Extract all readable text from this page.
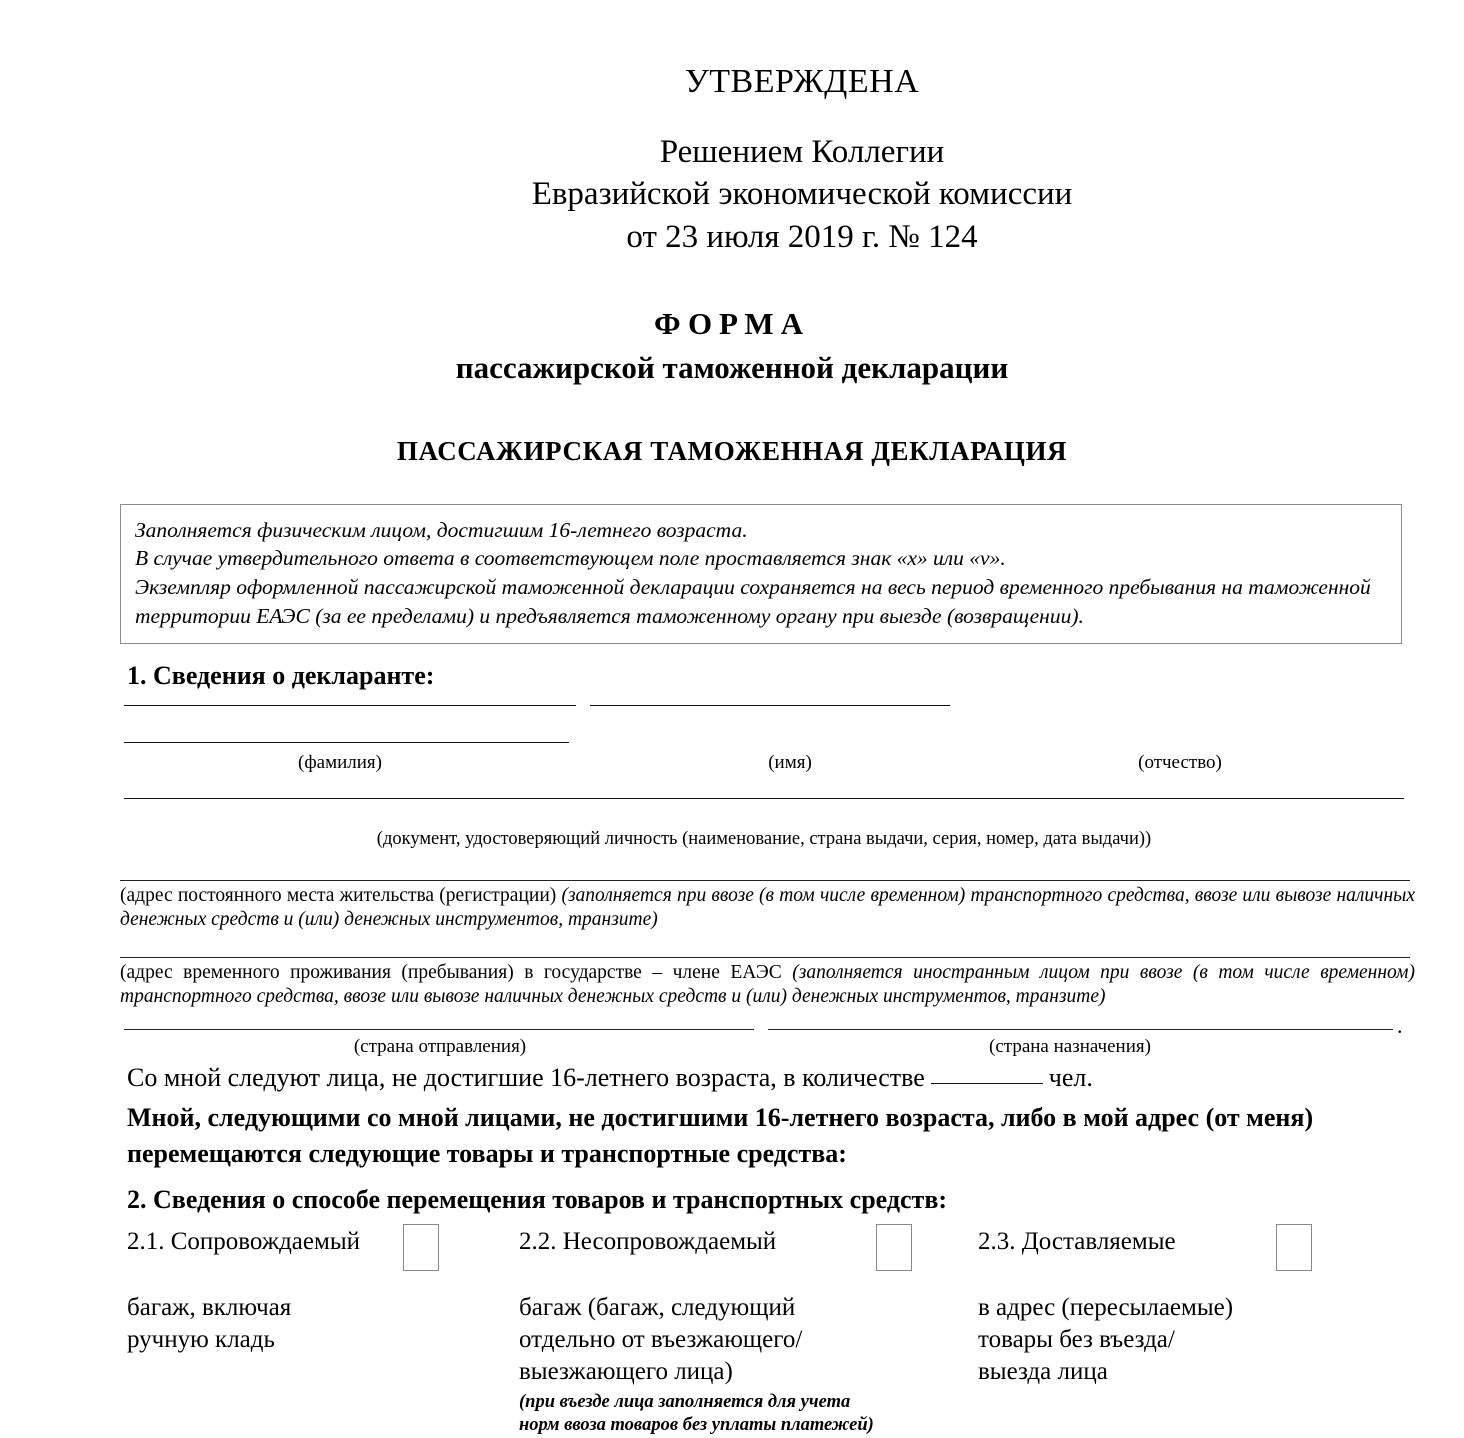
УТВЕРЖДЕНА
Решением Коллегии
Евразийской экономической комиссии
от 23 июля 2019 г. № 124
ФОРМА
пассажирской таможенной декларации
ПАССАЖИРСКАЯ ТАМОЖЕННАЯ ДЕКЛАРАЦИЯ

Заполняется физическим лицом, достигшим 16-летнего возраста.

В случае утвердительного ответа в соответствующем поле проставляется знак «х» или «v».

Экземпляр оформленной пассажирской таможенной декларации сохраняется на весь период временного пребывания на таможенной территории ЕАЭС (за ее пределами) и предъявляется таможенному органу при выезде (возвращении).

1. Сведения о декларанте:
(фамилия)	(имя)	(отчество)
(документ, удостоверяющий личность (наименование, страна выдачи, серия, номер, дата выдачи))
(адрес постоянного места жительства (регистрации) (заполняется при ввозе (в том числе временном) транспортного средства, ввозе или вывозе наличных денежных средств и (или) денежных инструментов, транзите)
(адрес временного проживания (пребывания) в государстве – члене ЕАЭС (заполняется иностранным лицом при ввозе (в том числе временном) транспортного средства, ввозе или вывозе наличных денежных средств и (или) денежных инструментов, транзите)
.
(страна отправления)	(страна назначения)
Со мной следуют лица, не достигшие 16-летнего возраста, в количестве	чел.
Мной, следующими со мной лицами, не достигшими 16-летнего возраста, либо в мой адрес (от меня) перемещаются следующие товары и транспортные средства:
2. Сведения о способе перемещения товаров и транспортных средств:
2.1. Сопровождаемый
багаж, включая
ручную кладь
2.2. Несопровождаемый
багаж (багаж, следующий
отдельно от въезжающего/
выезжающего лица)
(при въезде лица заполняется для учета
норм ввоза товаров без уплаты платежей)
2.3. Доставляемые
в адрес (пересылаемые)
товары без въезда/
выезда лица
